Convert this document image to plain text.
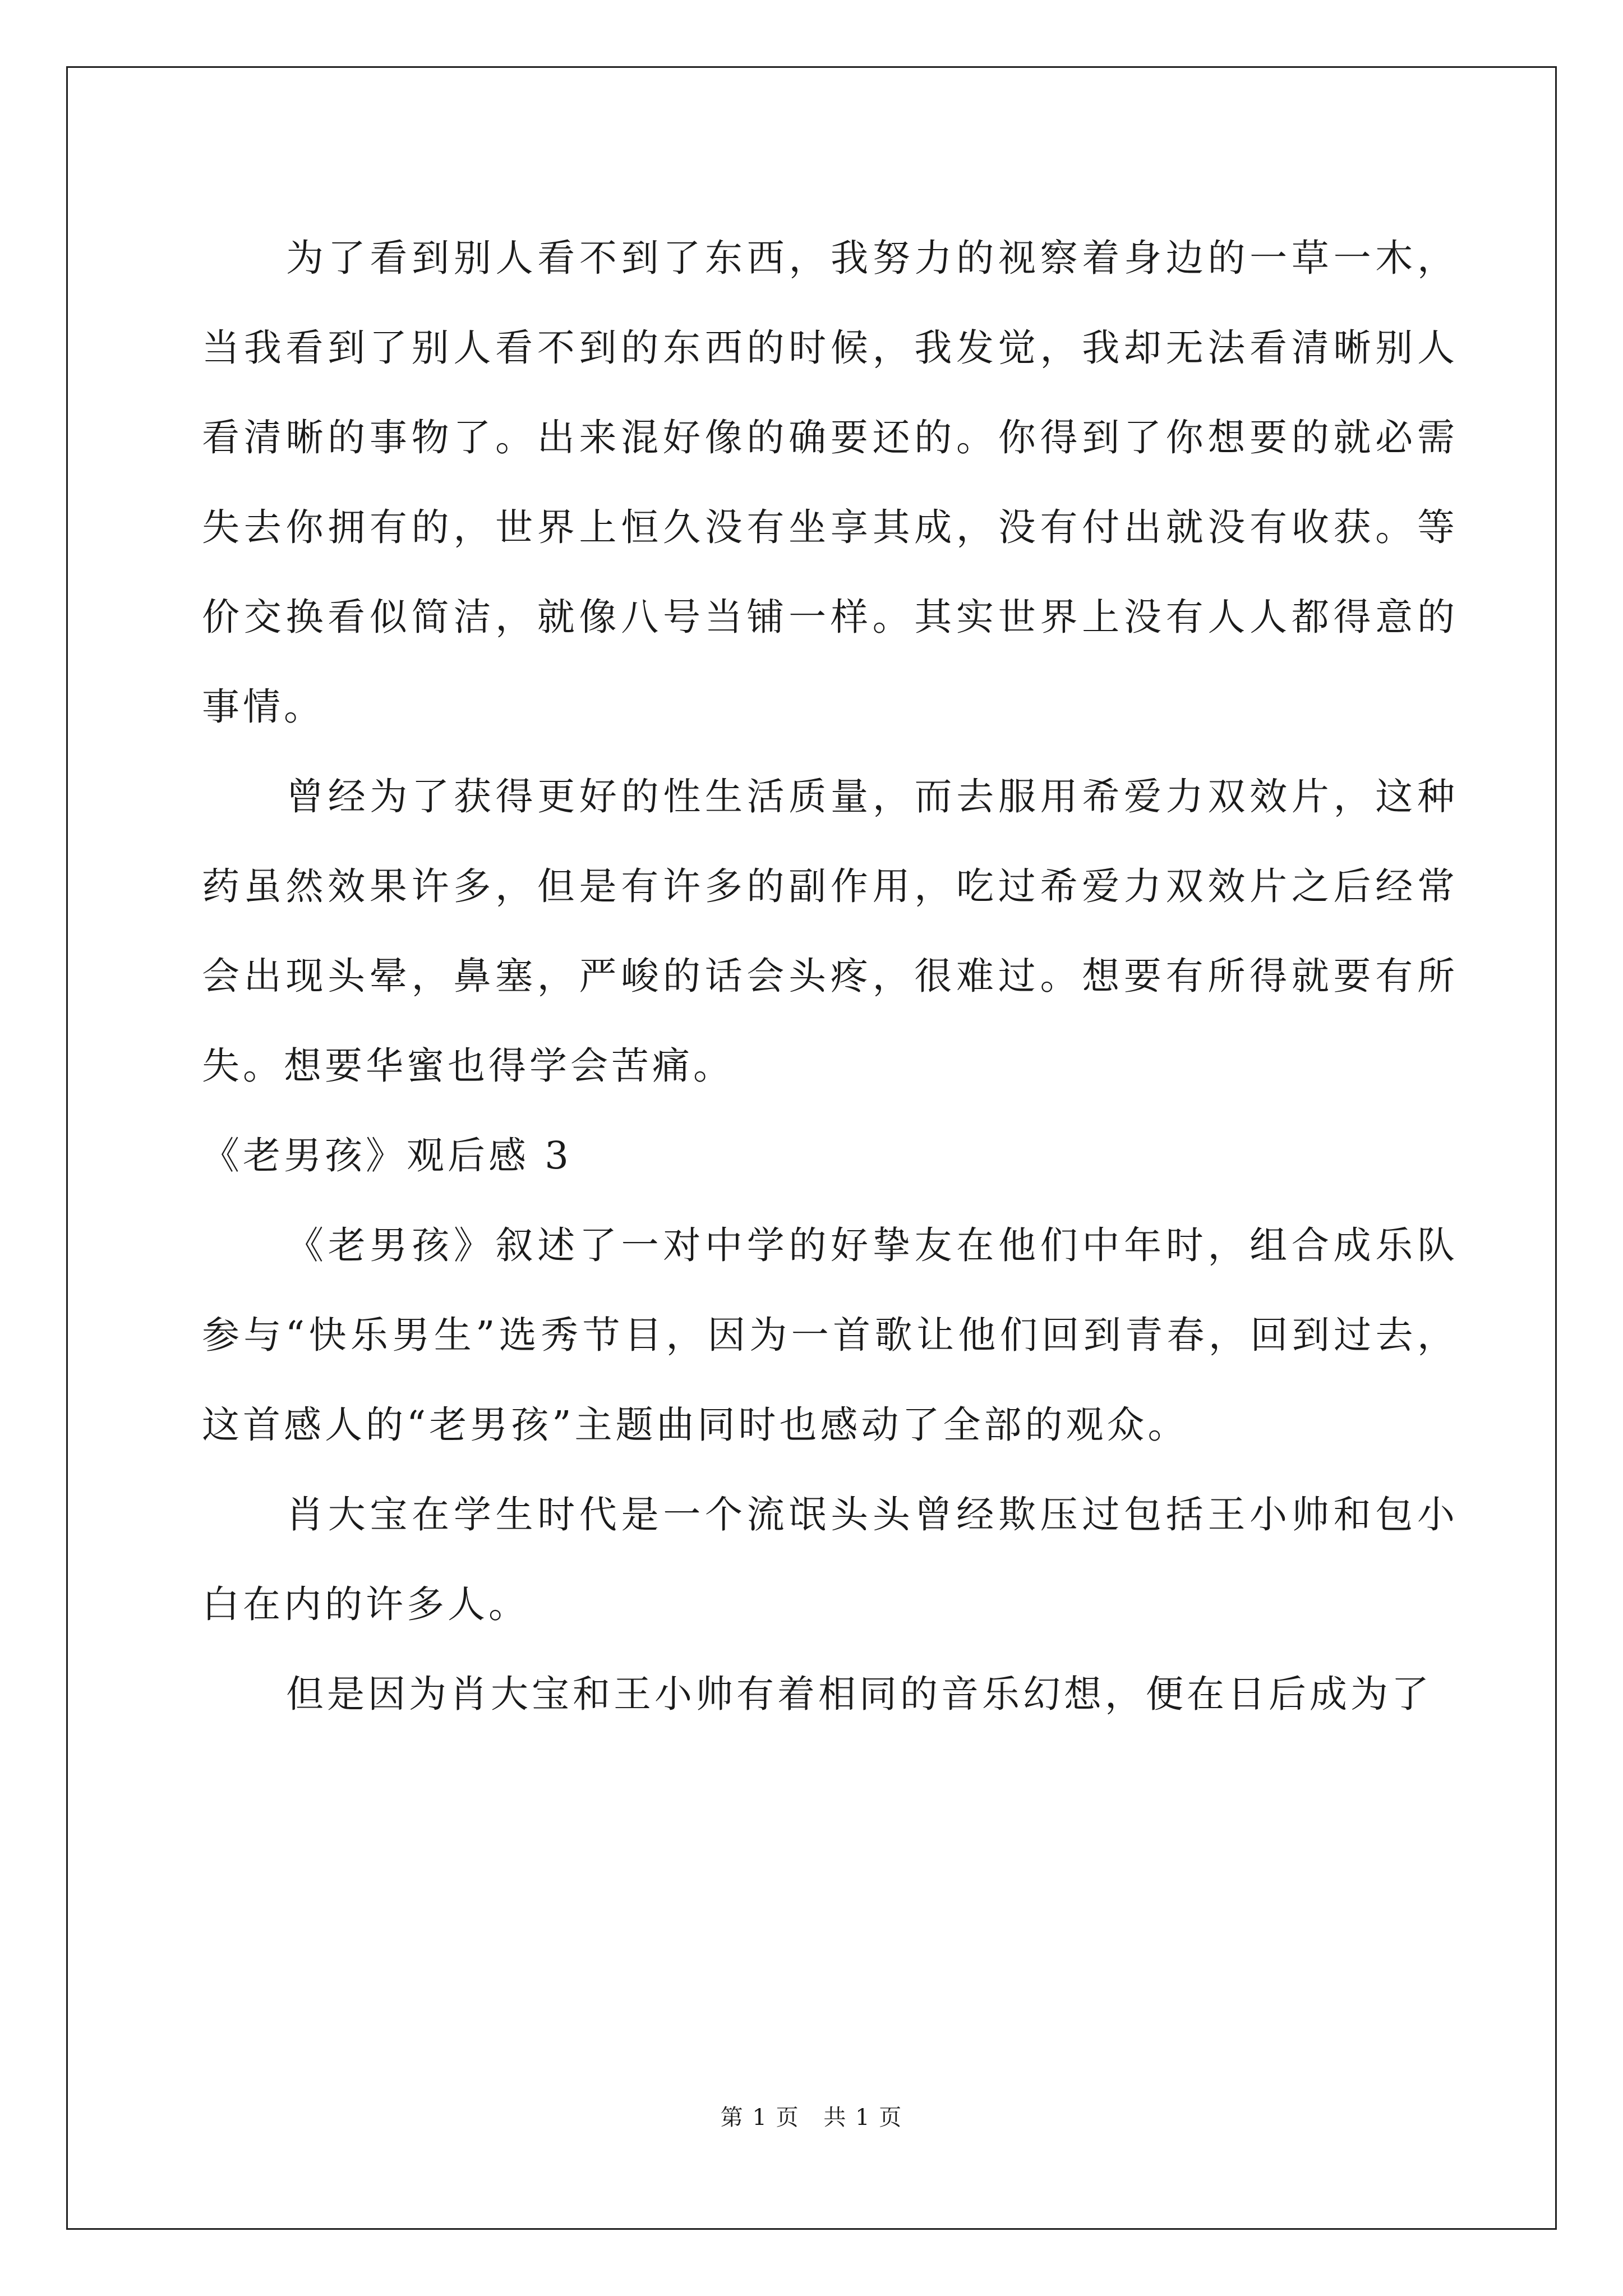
为了看到别人看不到了东西，我努力的视察着身边的一草一木，当我看到了别人看不到的东西的时候，我发觉，我却无法看清晰别人看清晰的事物了。出来混好像的确要还的。你得到了你想要的就必需失去你拥有的，世界上恒久没有坐享其成，没有付出就没有收获。等价交换看似简洁，就像八号当铺一样。其实世界上没有人人都得意的事情。

曾经为了获得更好的性生活质量，而去服用希爱力双效片，这种药虽然效果许多，但是有许多的副作用，吃过希爱力双效片之后经常会出现头晕，鼻塞，严峻的话会头疼，很难过。想要有所得就要有所失。想要华蜜也得学会苦痛。

《老男孩》观后感 3

《老男孩》叙述了一对中学的好挚友在他们中年时，组合成乐队参与“快乐男生”选秀节目，因为一首歌让他们回到青春，回到过去，这首感人的“老男孩”主题曲同时也感动了全部的观众。

肖大宝在学生时代是一个流氓头头曾经欺压过包括王小帅和包小白在内的许多人。

但是因为肖大宝和王小帅有着相同的音乐幻想，便在日后成为了

第 1 页 共 1 页
